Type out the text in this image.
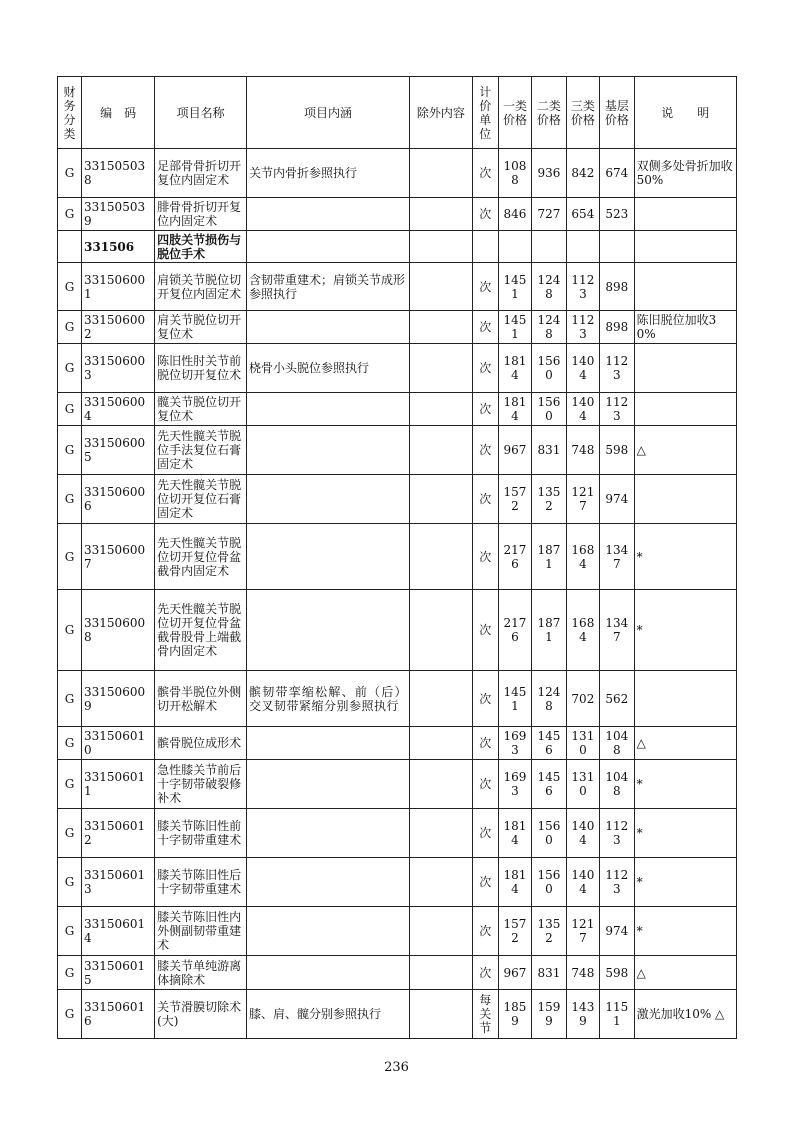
财务分类	编　码	项目名称	项目内涵	除外内容	计价单位	一类价格	二类价格	三类价格	基层价格	说　　明
G	331505038	足部骨骨折切开复位内固定术	关节内骨折参照执行		次	1088	936	842	674	双侧多处骨折加收50%
G	331505039	腓骨骨折切开复位内固定术			次	846	727	654	523	
	331506	四肢关节损伤与脱位手术								
G	331506001	肩锁关节脱位切开复位内固定术	含韧带重建术；肩锁关节成形参照执行		次	1451	1248	1123	898	
G	331506002	肩关节脱位切开复位术			次	1451	1248	1123	898	陈旧脱位加收30%
G	331506003	陈旧性肘关节前脱位切开复位术	桡骨小头脱位参照执行		次	1814	1560	1404	1123	
G	331506004	髋关节脱位切开复位术			次	1814	1560	1404	1123	
G	331506005	先天性髋关节脱位手法复位石膏固定术			次	967	831	748	598	△
G	331506006	先天性髋关节脱位切开复位石膏固定术			次	1572	1352	1217	974	
G	331506007	先天性髋关节脱位切开复位骨盆截骨内固定术			次	2176	1871	1684	1347	*
G	331506008	先天性髋关节脱位切开复位骨盆截骨股骨上端截骨内固定术			次	2176	1871	1684	1347	*
G	331506009	髌骨半脱位外侧切开松解术	髌韧带挛缩松解、前（后）交叉韧带紧缩分别参照执行		次	1451	1248	702	562	
G	331506010	髌骨脱位成形术			次	1693	1456	1310	1048	△
G	331506011	急性膝关节前后十字韧带破裂修补术			次	1693	1456	1310	1048	*
G	331506012	膝关节陈旧性前十字韧带重建术			次	1814	1560	1404	1123	*
G	331506013	膝关节陈旧性后十字韧带重建术			次	1814	1560	1404	1123	*
G	331506014	膝关节陈旧性内外侧副韧带重建术			次	1572	1352	1217	974	*
G	331506015	膝关节单纯游离体摘除术			次	967	831	748	598	△
G	331506016	关节滑膜切除术(大)	膝、肩、髋分别参照执行		每关节	1859	1599	1439	1151	激光加收10% △
236
